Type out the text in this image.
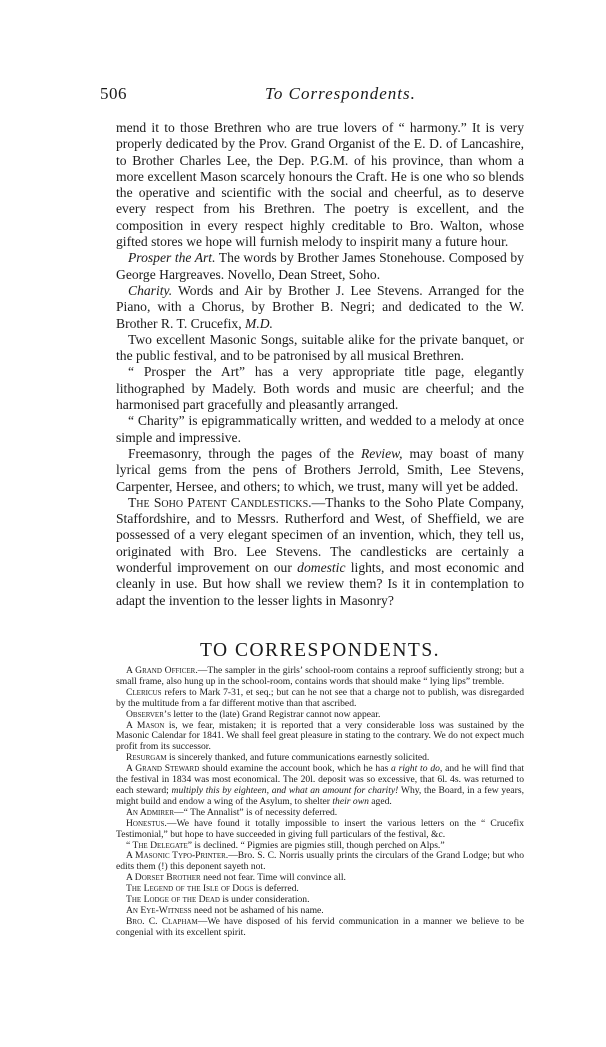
506	To Correspondents.

mend it to those Brethren who are true lovers of “ harmony.” It is very properly dedicated by the Prov. Grand Organist of the E. D. of Lancashire, to Brother Charles Lee, the Dep. P.G.M. of his province, than whom a more excellent Mason scarcely honours the Craft. He is one who so blends the operative and scientific with the social and cheerful, as to deserve every respect from his Brethren. The poetry is excellent, and the composition in every respect highly creditable to Bro. Walton, whose gifted stores we hope will furnish melody to inspirit many a future hour.

Prosper the Art. The words by Brother James Stonehouse. Composed by George Hargreaves. Novello, Dean Street, Soho.

Charity. Words and Air by Brother J. Lee Stevens. Arranged for the Piano, with a Chorus, by Brother B. Negri; and dedicated to the W. Brother R. T. Crucefix, M.D.

Two excellent Masonic Songs, suitable alike for the private banquet, or the public festival, and to be patronised by all musical Brethren.

“ Prosper the Art” has a very appropriate title page, elegantly lithographed by Madely. Both words and music are cheerful; and the harmonised part gracefully and pleasantly arranged.

“ Charity” is epigrammatically written, and wedded to a melody at once simple and impressive.

Freemasonry, through the pages of the Review, may boast of many lyrical gems from the pens of Brothers Jerrold, Smith, Lee Stevens, Carpenter, Hersee, and others; to which, we trust, many will yet be added.

The Soho Patent Candlesticks.—Thanks to the Soho Plate Company, Staffordshire, and to Messrs. Rutherford and West, of Sheffield, we are possessed of a very elegant specimen of an invention, which, they tell us, originated with Bro. Lee Stevens. The candlesticks are certainly a wonderful improvement on our domestic lights, and most economic and cleanly in use. But how shall we review them? Is it in contemplation to adapt the invention to the lesser lights in Masonry?

TO CORRESPONDENTS.

A Grand Officer.—The sampler in the girls’ school-room contains a reproof sufficiently strong; but a small frame, also hung up in the school-room, contains words that should make “ lying lips” tremble.

Clericus refers to Mark 7-31, et seq.; but can he not see that a charge not to publish, was disregarded by the multitude from a far different motive than that ascribed.

Observer’s letter to the (late) Grand Registrar cannot now appear.

A Mason is, we fear, mistaken; it is reported that a very considerable loss was sustained by the Masonic Calendar for 1841. We shall feel great pleasure in stating to the contrary. We do not expect much profit from its successor.

Resurgam is sincerely thanked, and future communications earnestly solicited.

A Grand Steward should examine the account book, which he has a right to do, and he will find that the festival in 1834 was most economical. The 20l. deposit was so excessive, that 6l. 4s. was returned to each steward; multiply this by eighteen, and what an amount for charity! Why, the Board, in a few years, might build and endow a wing of the Asylum, to shelter their own aged.

An Admirer—“ The Annalist” is of necessity deferred.

Honestus.—We have found it totally impossible to insert the various letters on the “ Crucefix Testimonial,” but hope to have succeeded in giving full particulars of the festival, &c.

“ The Delegate” is declined. “ Pigmies are pigmies still, though perched on Alps.”

A Masonic Typo-Printer.—Bro. S. C. Norris usually prints the circulars of the Grand Lodge; but who edits them (!) this deponent sayeth not.

A Dorset Brother need not fear. Time will convince all.

The Legend of the Isle of Dogs is deferred.

The Lodge of the Dead is under consideration.

An Eye-Witness need not be ashamed of his name.

Bro. C. Clapham—We have disposed of his fervid communication in a manner we believe to be congenial with its excellent spirit.
